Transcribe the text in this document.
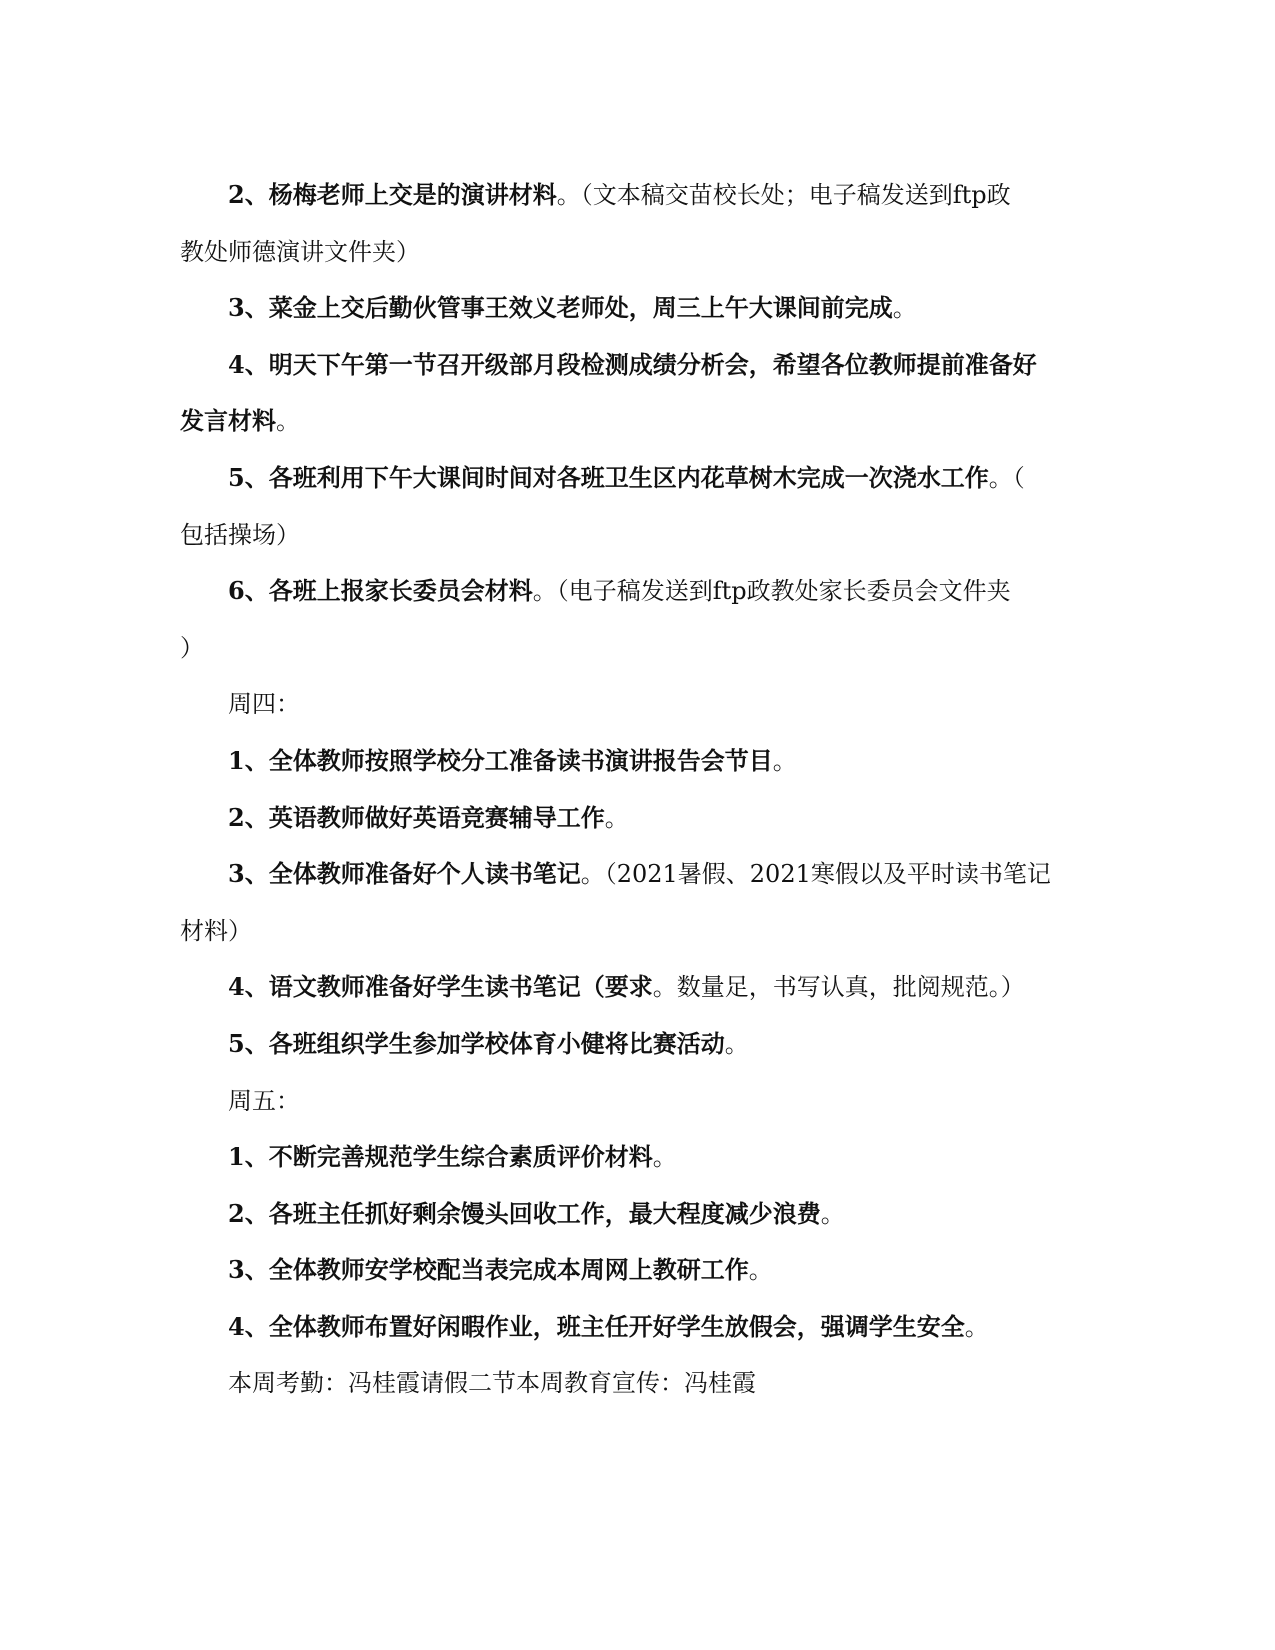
2、杨梅老师上交是的演讲材料。（文本稿交苗校长处；电子稿发送到ftp政
教处师德演讲文件夹）
3、菜金上交后勤伙管事王效义老师处，周三上午大课间前完成。
4、明天下午第一节召开级部月段检测成绩分析会，希望各位教师提前准备好
发言材料。
5、各班利用下午大课间时间对各班卫生区内花草树木完成一次浇水工作。（
包括操场）
6、各班上报家长委员会材料。（电子稿发送到ftp政教处家长委员会文件夹
）
周四：
1、全体教师按照学校分工准备读书演讲报告会节目。
2、英语教师做好英语竞赛辅导工作。
3、全体教师准备好个人读书笔记。（2021暑假、2021寒假以及平时读书笔记
材料）
4、语文教师准备好学生读书笔记（要求。数量足，书写认真，批阅规范。）
5、各班组织学生参加学校体育小健将比赛活动。
周五：
1、不断完善规范学生综合素质评价材料。
2、各班主任抓好剩余馒头回收工作，最大程度减少浪费。
3、全体教师安学校配当表完成本周网上教研工作。
4、全体教师布置好闲暇作业，班主任开好学生放假会，强调学生安全。
本周考勤：冯桂霞请假二节本周教育宣传：冯桂霞
